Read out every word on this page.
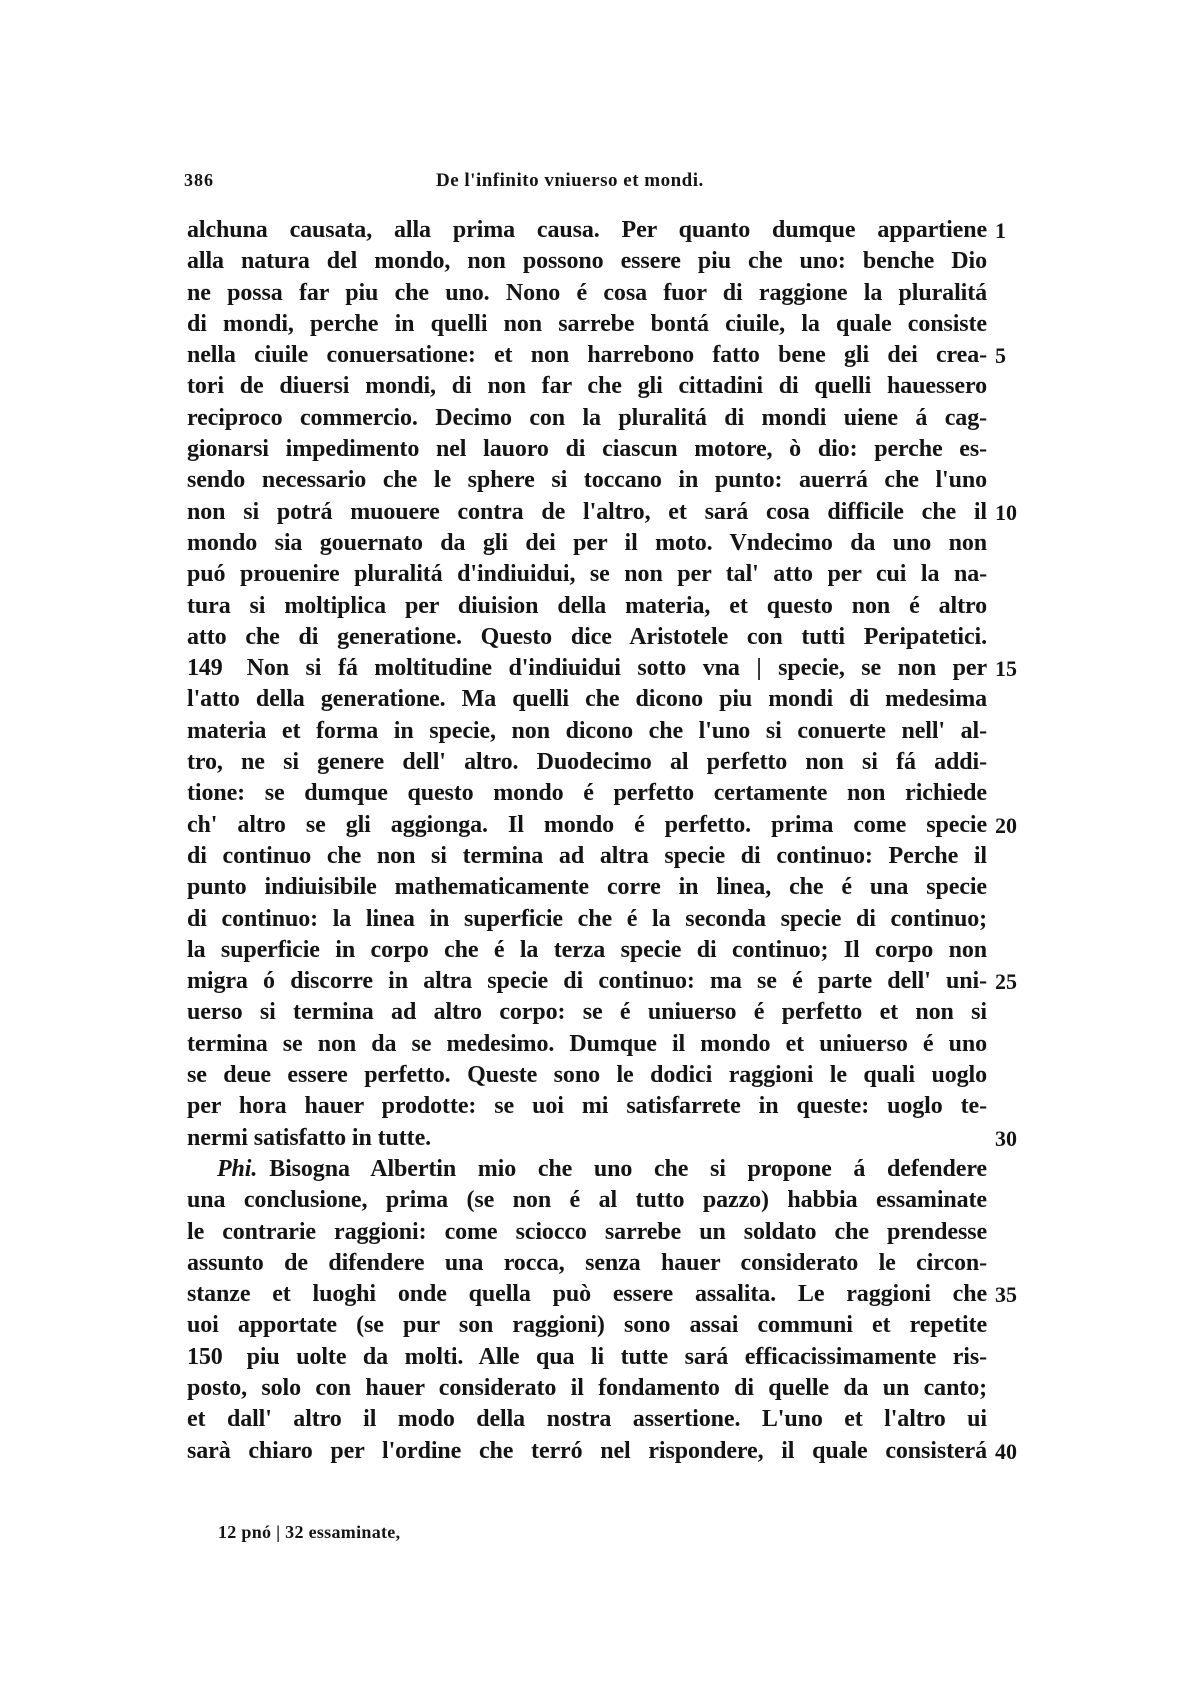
386	De l'infinito vniuerso et mondi.
alchuna causata, alla prima causa. Per quanto dumque appartiene 1
alla natura del mondo, non possono essere piu che uno: benche Dio
ne possa far piu che uno. Nono é cosa fuor di raggione la pluralitá
di mondi, perche in quelli non sarrebe bontá ciuile, la quale consiste
nella ciuile conuersatione: et non harrebono fatto bene gli dei crea- 5
tori de diuersi mondi, di non far che gli cittadini di quelli hauessero
reciproco commercio. Decimo con la pluralitá di mondi uiene á cag-
gionarsi impedimento nel lauoro di ciascun motore, ò dio: perche es-
sendo necessario che le sphere si toccano in punto: auerrá che l'uno
non si potrá muouere contra de l'altro, et sará cosa difficile che il 10
mondo sia gouernato da gli dei per il moto. Vndecimo da uno non
puó prouenire pluralitá d'indiuidui, se non per tal' atto per cui la na-
tura si moltiplica per diuision della materia, et questo non é altro
atto che di generatione. Questo dice Aristotele con tutti Peripatetici.
149  Non si fá moltitudine d'indiuidui sotto vna | specie, se non per 15
l'atto della generatione. Ma quelli che dicono piu mondi di medesima
materia et forma in specie, non dicono che l'uno si conuerte nell' al-
tro, ne si genere dell' altro. Duodecimo al perfetto non si fá addi-
tione: se dumque questo mondo é perfetto certamente non richiede
ch' altro se gli aggionga. Il mondo é perfetto. prima come specie 20
di continuo che non si termina ad altra specie di continuo: Perche il
punto indiuisibile mathematicamente corre in linea, che é una specie
di continuo: la linea in superficie che é la seconda specie di continuo;
la superficie in corpo che é la terza specie di continuo; Il corpo non
migra ó discorre in altra specie di continuo: ma se é parte dell' uni- 25
uerso si termina ad altro corpo: se é uniuerso é perfetto et non si
termina se non da se medesimo. Dumque il mondo et uniuerso é uno
se deue essere perfetto. Queste sono le dodici raggioni le quali uoglo
per hora hauer prodotte: se uoi mi satisfarrete in queste: uoglo te-
nermi satisfatto in tutte.	30
Phi.  Bisogna Albertin mio che uno che si propone á defendere
una conclusione, prima (se non é al tutto pazzo) habbia essaminate
le contrarie raggioni: come sciocco sarrebe un soldato che prendesse
assunto de difendere una rocca, senza hauer considerato le circon-
stanze et luoghi onde quella può essere assalita. Le raggioni che 35
uoi apportate (se pur son raggioni) sono assai communi et repetite
150  piu uolte da molti. Alle qua li tutte sará efficacissimamente ris-
posto, solo con hauer considerato il fondamento di quelle da un canto;
et dall' altro il modo della nostra assertione. L'uno et l'altro ui
sarà chiaro per l'ordine che terró nel rispondere, il quale consisterá 40
12 pnó | 32 essaminate,
